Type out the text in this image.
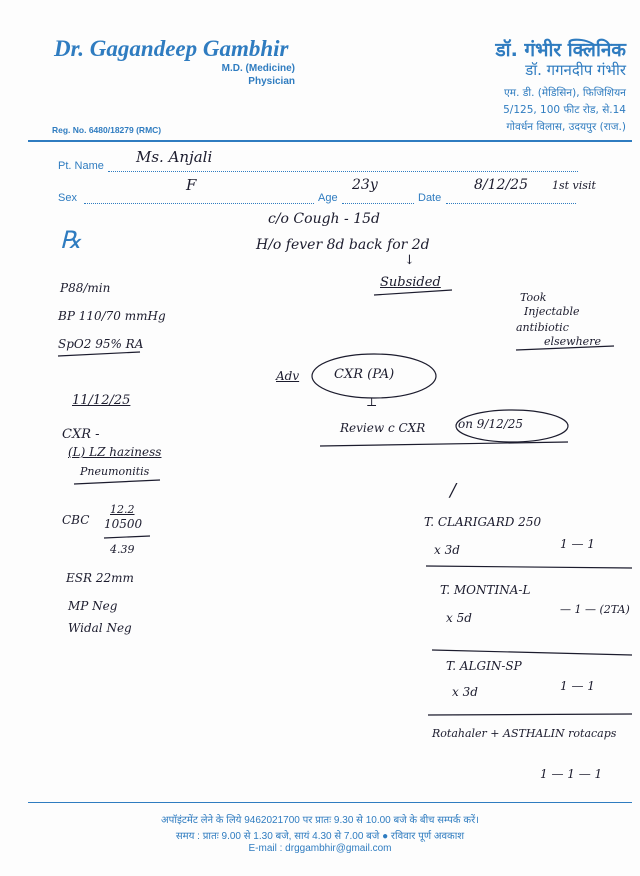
Dr. Gagandeep Gambhir
M.D. (Medicine)
Physician
डॉ. गंभीर क्लिनिक
डॉ. गगनदीप गंभीर
एम. डी. (मेडिसिन), फिजिशियन
5/125, 100 फीट रोड, से.14
गोवर्धन विलास, उदयपुर (राज.)
Reg. No. 6480/18279 (RMC)
Pt. Name Ms. Anjali
Sex
F
Age
23y
Date
8/12/25 1st visit
℞
c/o Cough - 15d
H/o fever 8d back for 2d
↓
Subsided
Took
Injectable
antibiotic
elsewhere
P88/min
BP 110/70 mmHg
SpO2 95% RA
Adv	CXR (PA)
⊥
Review c CXR	on 9/12/25
11/12/25
CXR -
(L) LZ haziness
Pneumonitis
CBC
12.2
10500
4.39
ESR 22mm
MP Neg
Widal Neg
/
T. CLARIGARD 250
x 3d	1 — 1
T. MONTINA-L
x 5d
— 1 — (2TA)
T. ALGIN-SP
x 3d	1 — 1
Rotahaler + ASTHALIN rotacaps
1 — 1 — 1
अपॉइंटमेंट लेने के लिये 9462021700 पर प्रातः 9.30 से 10.00 बजे के बीच सम्पर्क करें।
समय : प्रातः 9.00 से 1.30 बजे, सायं 4.30 से 7.00 बजे ● रविवार पूर्ण अवकाश
E-mail : drggambhir@gmail.com
